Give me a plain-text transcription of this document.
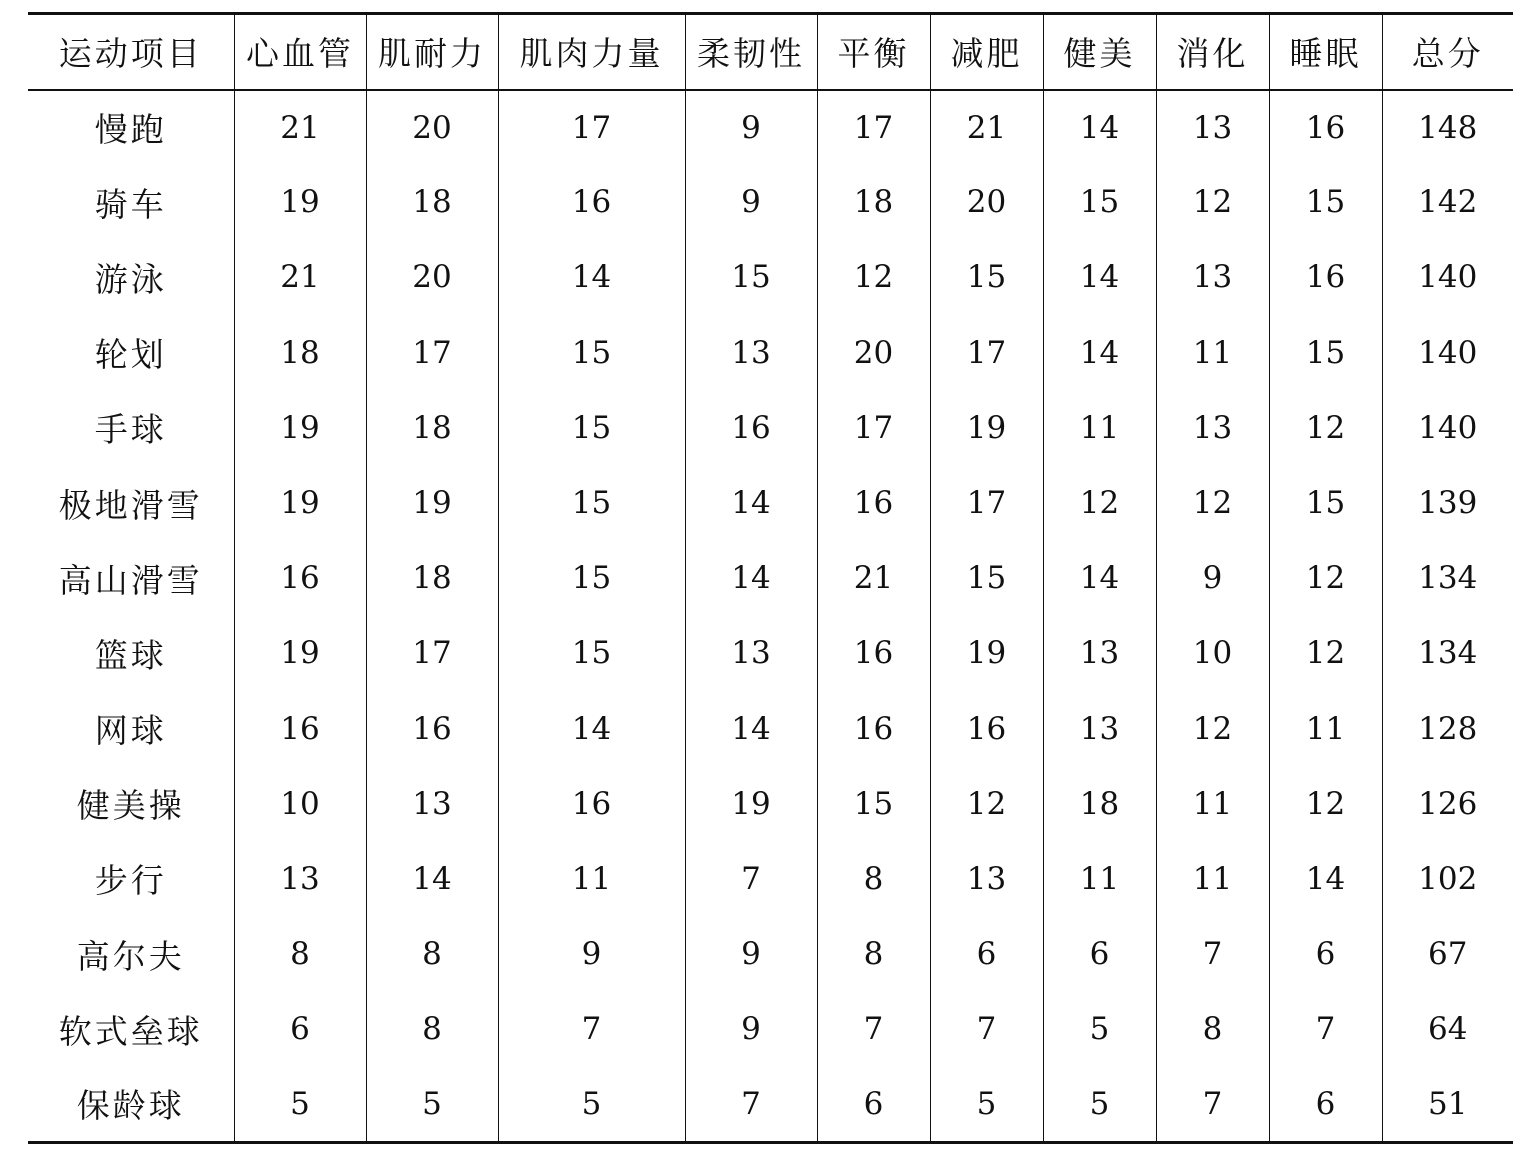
运动项目	心血管	肌耐力	肌肉力量	柔韧性	平衡	减肥	健美	消化	睡眠	总分
慢跑	21	20	17	9	17	21	14	13	16	148
骑车	19	18	16	9	18	20	15	12	15	142
游泳	21	20	14	15	12	15	14	13	16	140
轮划	18	17	15	13	20	17	14	11	15	140
手球	19	18	15	16	17	19	11	13	12	140
极地滑雪	19	19	15	14	16	17	12	12	15	139
高山滑雪	16	18	15	14	21	15	14	9	12	134
篮球	19	17	15	13	16	19	13	10	12	134
网球	16	16	14	14	16	16	13	12	11	128
健美操	10	13	16	19	15	12	18	11	12	126
步行	13	14	11	7	8	13	11	11	14	102
高尔夫	8	8	9	9	8	6	6	7	6	67
软式垒球	6	8	7	9	7	7	5	8	7	64
保龄球	5	5	5	7	6	5	5	7	6	51
